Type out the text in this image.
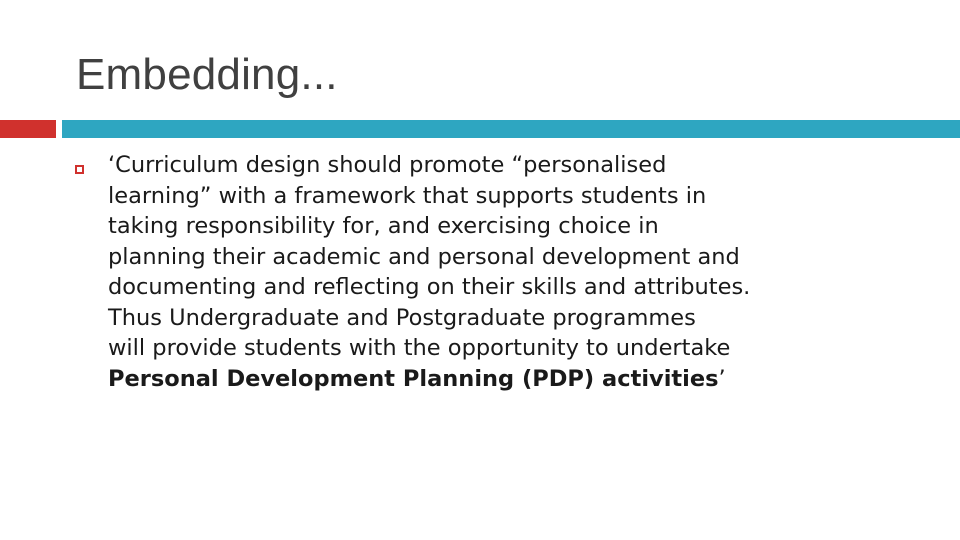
Embedding...
‘Curriculum design should promote “personalised
learning” with a framework that supports students in
taking responsibility for, and exercising choice in
planning their academic and personal development and
documenting and reflecting on their skills and attributes.
Thus Undergraduate and Postgraduate programmes
will provide students with the opportunity to undertake
Personal Development Planning (PDP) activities’
